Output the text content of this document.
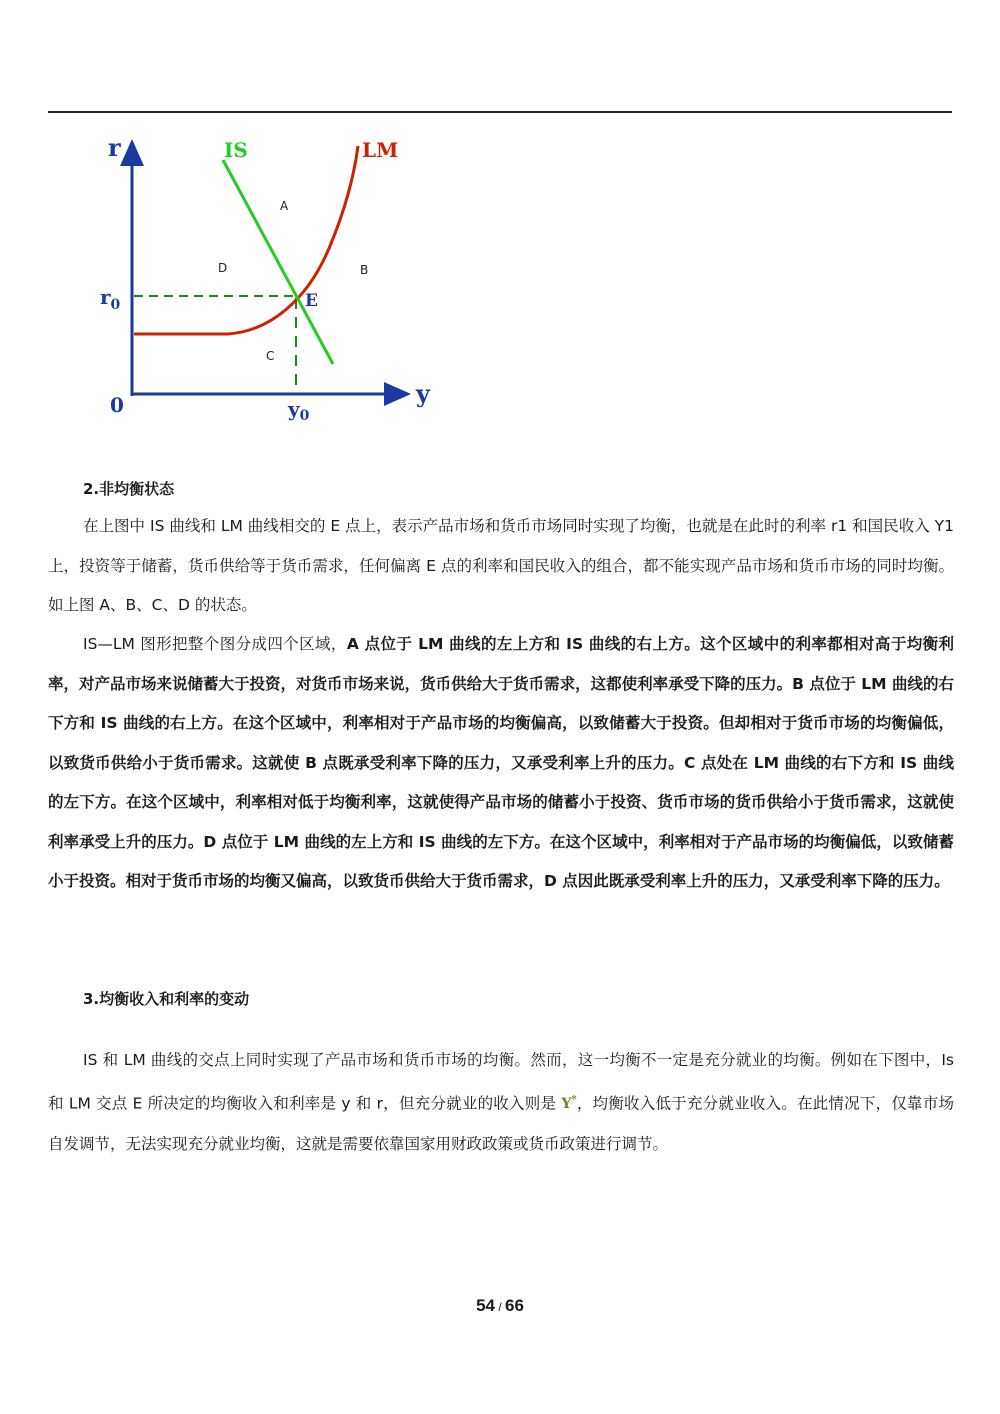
r
y
0
$r_0$
$y_0$
IS	LM
E
A
B
C
D
2.非均衡状态

在上图中 IS 曲线和 LM 曲线相交的 E 点上，表示产品市场和货币市场同时实现了均衡，也就是在此时的利率 r1 和国民收入 Y1 上，投资等于储蓄，货币供给等于货币需求，任何偏离 E 点的利率和国民收入的组合，都不能实现产品市场和货币市场的同时均衡。如上图 A、B、C、D 的状态。

IS—LM 图形把整个图分成四个区域，A 点位于 LM 曲线的左上方和 IS 曲线的右上方。这个区域中的利率都相对高于均衡利率，对产品市场来说储蓄大于投资，对货币市场来说，货币供给大于货币需求，这都使利率承受下降的压力。B 点位于 LM 曲线的右下方和 IS 曲线的右上方。在这个区域中，利率相对于产品市场的均衡偏高，以致储蓄大于投资。但却相对于货币市场的均衡偏低，以致货币供给小于货币需求。这就使 B 点既承受利率下降的压力，又承受利率上升的压力。C 点处在 LM 曲线的右下方和 IS 曲线的左下方。在这个区域中，利率相对低于均衡利率，这就使得产品市场的储蓄小于投资、货币市场的货币供给小于货币需求，这就使利率承受上升的压力。D 点位于 LM 曲线的左上方和 IS 曲线的左下方。在这个区域中，利率相对于产品市场的均衡偏低，以致储蓄小于投资。相对于货币市场的均衡又偏高，以致货币供给大于货币需求，D 点因此既承受利率上升的压力，又承受利率下降的压力。

3.均衡收入和利率的变动

IS 和 LM 曲线的交点上同时实现了产品市场和货币市场的均衡。然而，这一均衡不一定是充分就业的均衡。例如在下图中，Is 和 LM 交点 E 所决定的均衡收入和利率是 y 和 r，但充分就业的收入则是 Y*，均衡收入低于充分就业收入。在此情况下，仅靠市场自发调节，无法实现充分就业均衡，这就是需要依靠国家用财政政策或货币政策进行调节。

54 / 66
